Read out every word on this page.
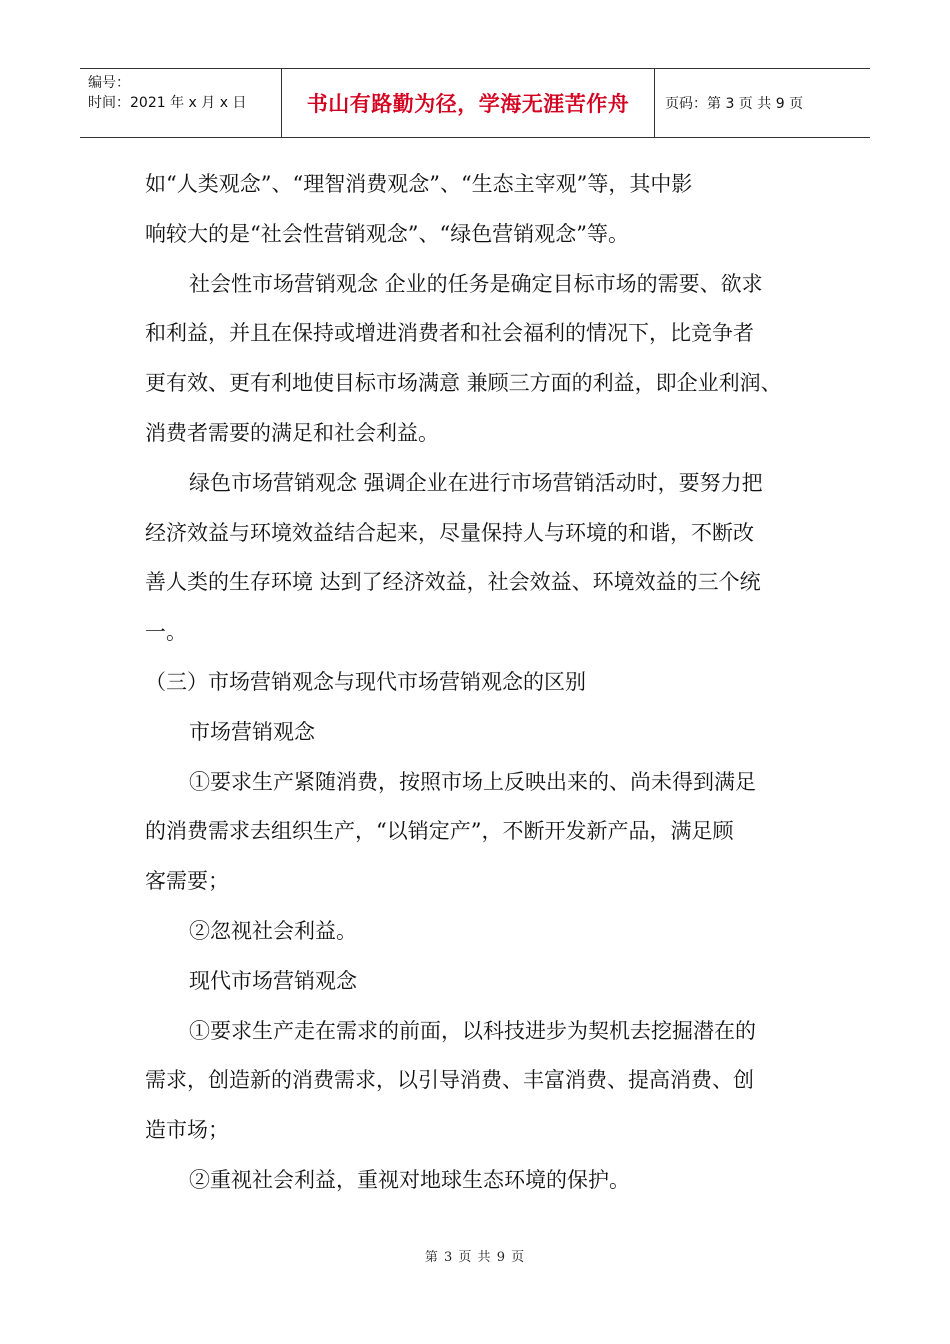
编号：
时间：2021 年 x 月 x 日	书山有路勤为径，学海无涯苦作舟	页码：第 3 页 共 9 页
如“人类观念”、“理智消费观念”、“生态主宰观”等，其中影
响较大的是“社会性营销观念”、“绿色营销观念”等。
社会性市场营销观念 企业的任务是确定目标市场的需要、欲求
和利益，并且在保持或增进消费者和社会福利的情况下，比竞争者
更有效、更有利地使目标市场满意 兼顾三方面的利益，即企业利润、
消费者需要的满足和社会利益。
绿色市场营销观念 强调企业在进行市场营销活动时，要努力把
经济效益与环境效益结合起来，尽量保持人与环境的和谐，不断改
善人类的生存环境 达到了经济效益，社会效益、环境效益的三个统
一。
（三）市场营销观念与现代市场营销观念的区别
市场营销观念
①要求生产紧随消费，按照市场上反映出来的、尚未得到满足
的消费需求去组织生产，“以销定产”，不断开发新产品，满足顾
客需要；
②忽视社会利益。
现代市场营销观念
①要求生产走在需求的前面，以科技进步为契机去挖掘潜在的
需求，创造新的消费需求，以引导消费、丰富消费、提高消费、创
造市场；
②重视社会利益，重视对地球生态环境的保护。
第 3 页 共 9 页
